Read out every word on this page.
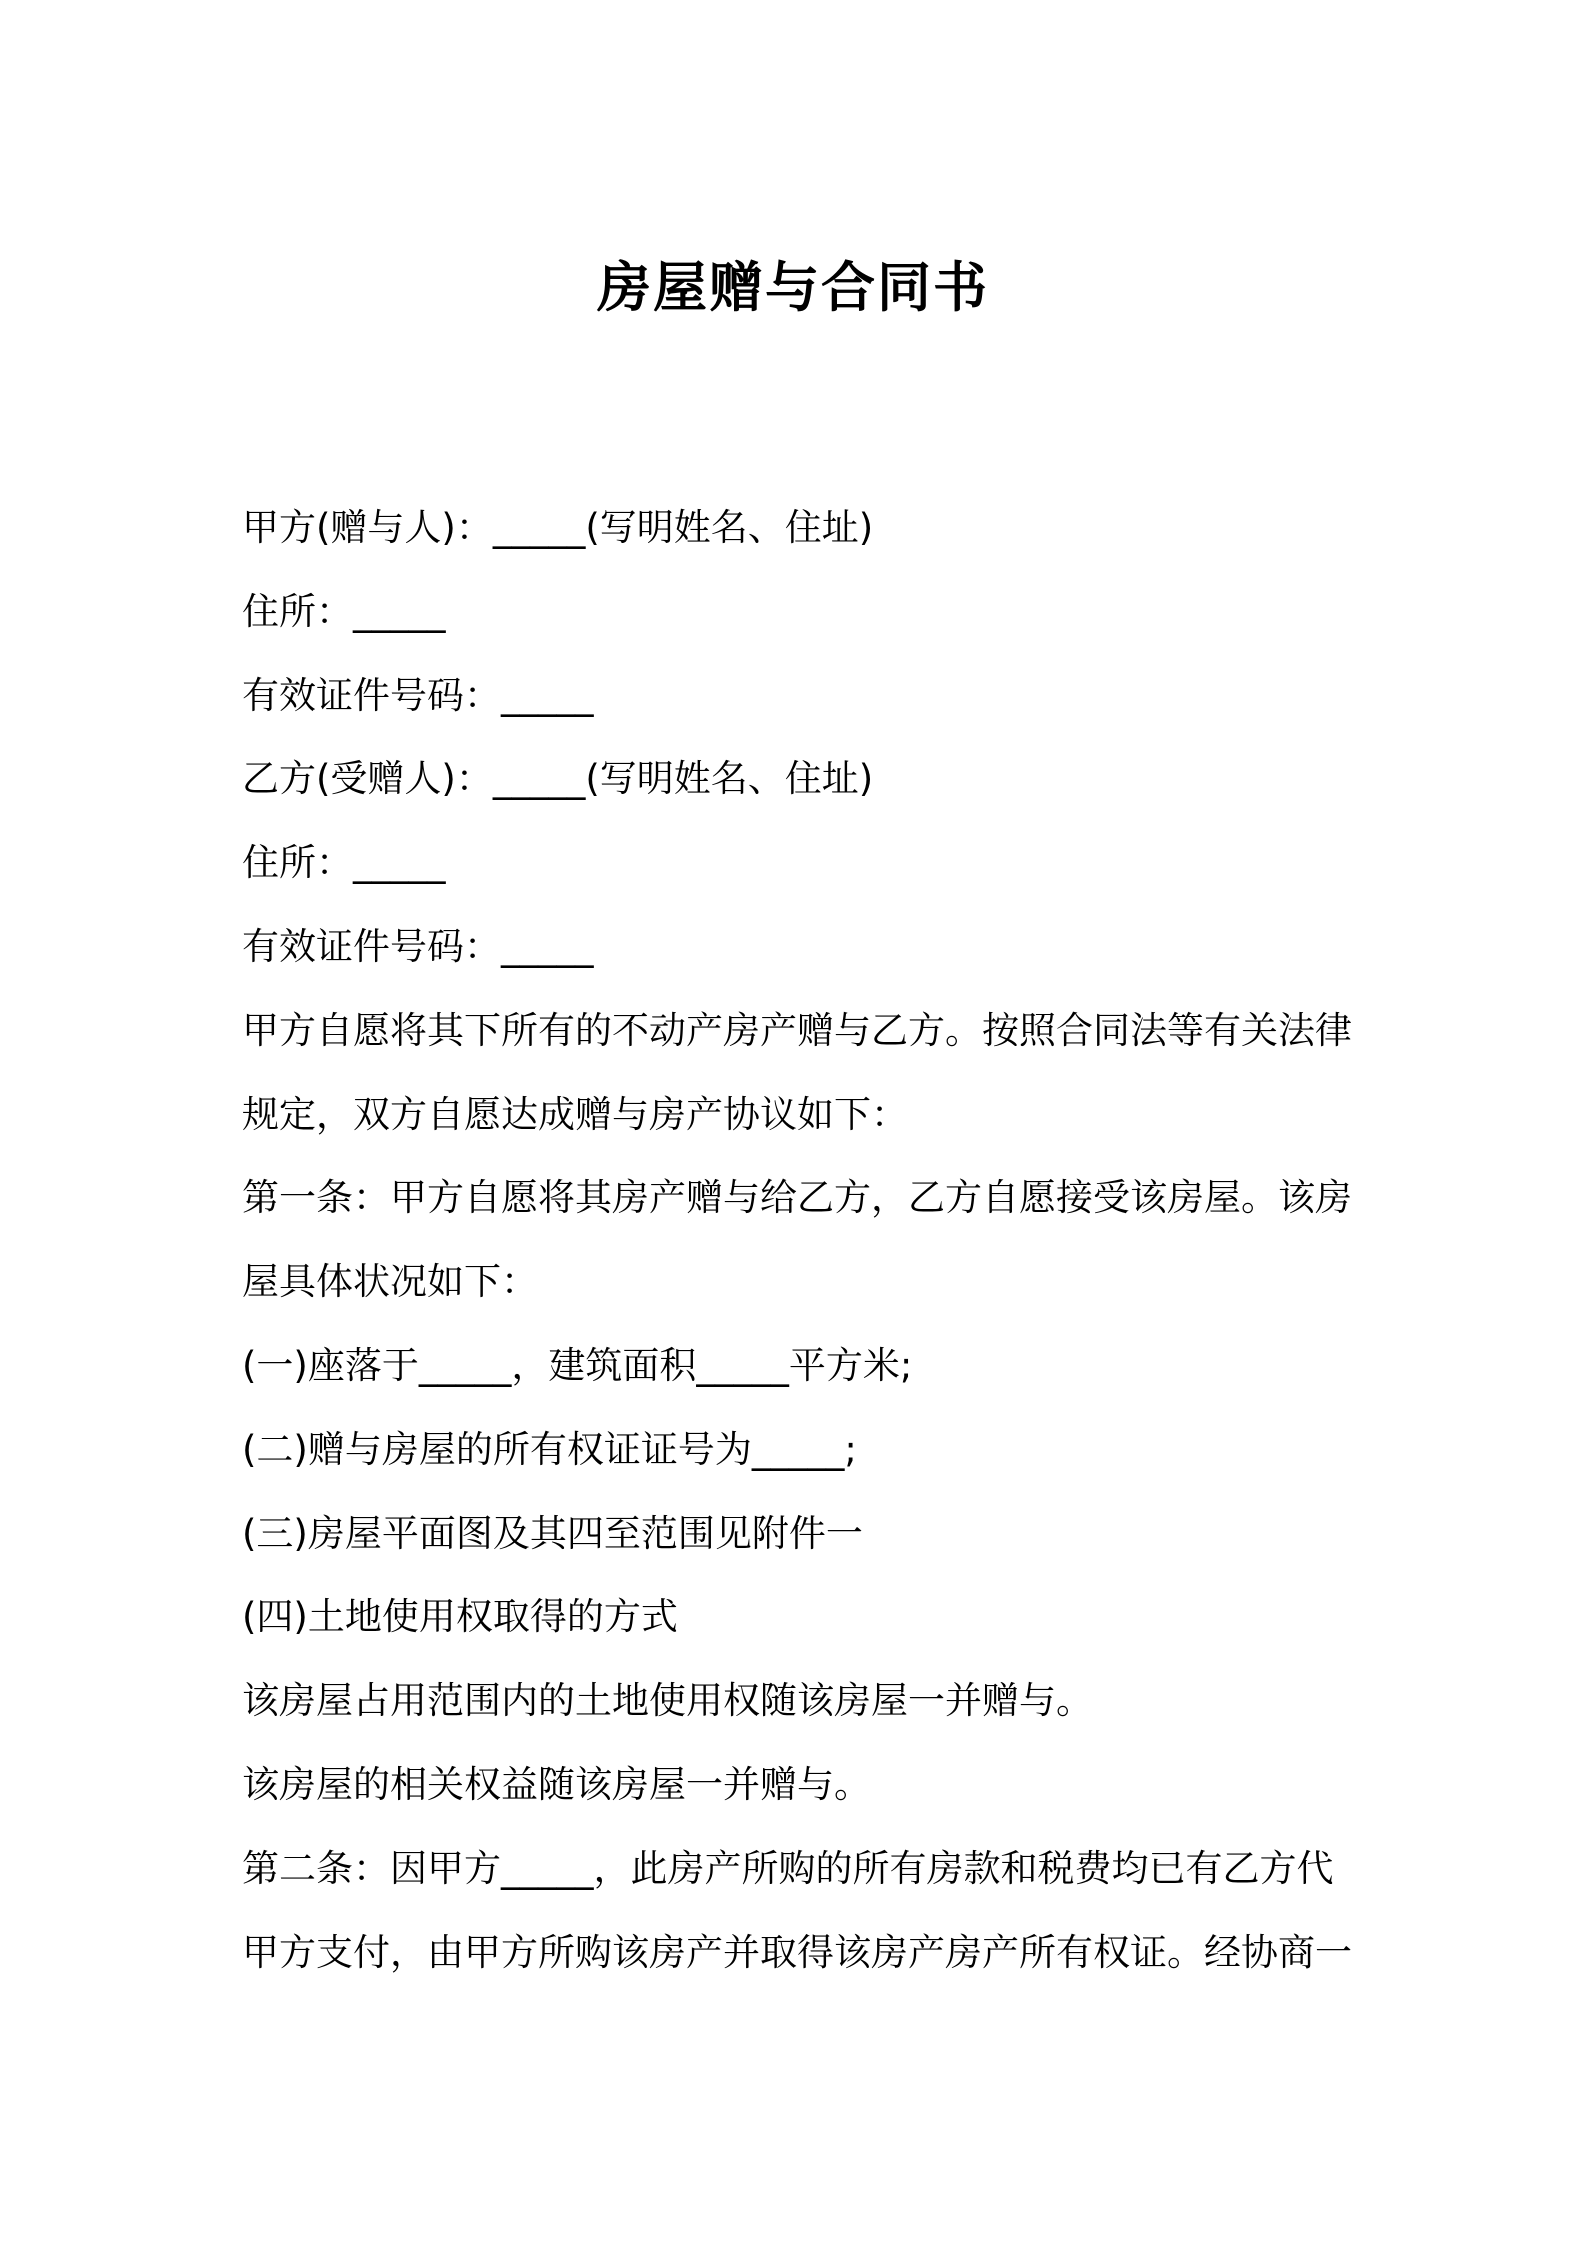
房屋赠与合同书
甲方(赠与人)：_____(写明姓名、住址)
住所：_____
有效证件号码：_____
乙方(受赠人)：_____(写明姓名、住址)
住所：_____
有效证件号码：_____
甲方自愿将其下所有的不动产房产赠与乙方。按照合同法等有关法律
规定，双方自愿达成赠与房产协议如下：
第一条：甲方自愿将其房产赠与给乙方，乙方自愿接受该房屋。该房
屋具体状况如下：
(一)座落于_____，建筑面积_____平方米;
(二)赠与房屋的所有权证证号为_____;
(三)房屋平面图及其四至范围见附件一
(四)土地使用权取得的方式
该房屋占用范围内的土地使用权随该房屋一并赠与。
该房屋的相关权益随该房屋一并赠与。
第二条：因甲方_____，此房产所购的所有房款和税费均已有乙方代
甲方支付，由甲方所购该房产并取得该房产房产所有权证。经协商一
